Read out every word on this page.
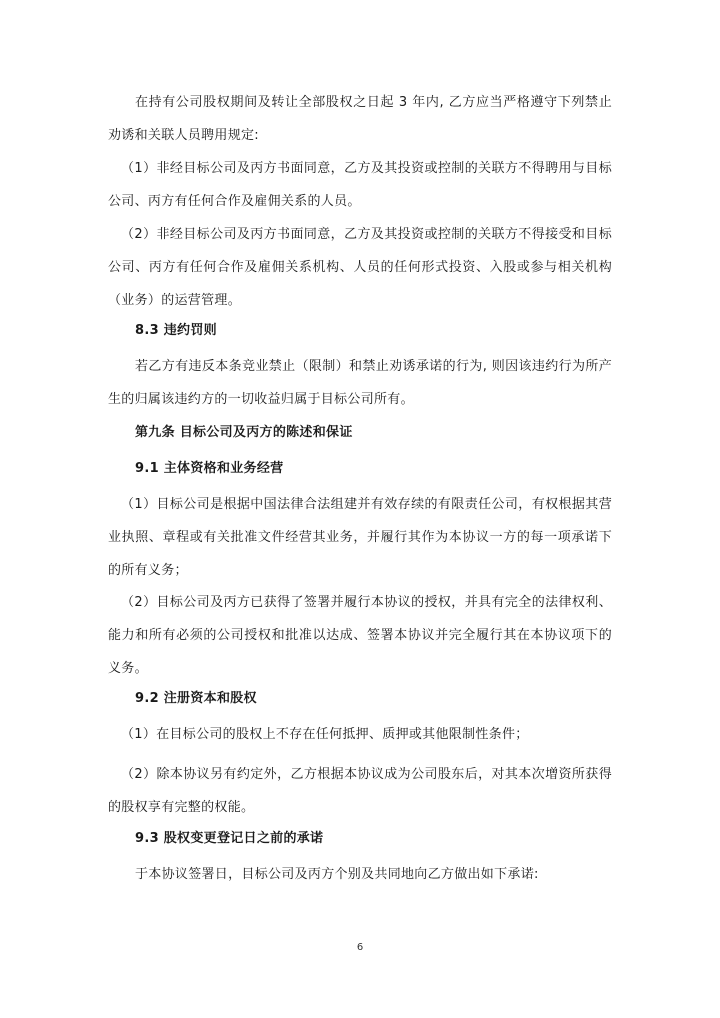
在持有公司股权期间及转让全部股权之日起 3 年内, 乙方应当严格遵守下列禁止劝诱和关联人员聘用规定:

（1）非经目标公司及丙方书面同意，乙方及其投资或控制的关联方不得聘用与目标公司、丙方有任何合作及雇佣关系的人员。

（2）非经目标公司及丙方书面同意，乙方及其投资或控制的关联方不得接受和目标公司、丙方有任何合作及雇佣关系机构、人员的任何形式投资、入股或参与相关机构（业务）的运营管理。

8.3 违约罚则

若乙方有违反本条竞业禁止（限制）和禁止劝诱承诺的行为, 则因该违约行为所产生的归属该违约方的一切收益归属于目标公司所有。

第九条 目标公司及丙方的陈述和保证

9.1 主体资格和业务经营

（1）目标公司是根据中国法律合法组建并有效存续的有限责任公司，有权根据其营业执照、章程或有关批准文件经营其业务，并履行其作为本协议一方的每一项承诺下的所有义务；

（2）目标公司及丙方已获得了签署并履行本协议的授权，并具有完全的法律权利、能力和所有必须的公司授权和批准以达成、签署本协议并完全履行其在本协议项下的义务。

9.2 注册资本和股权

（1）在目标公司的股权上不存在任何抵押、质押或其他限制性条件；

（2）除本协议另有约定外，乙方根据本协议成为公司股东后，对其本次增资所获得的股权享有完整的权能。

9.3 股权变更登记日之前的承诺

于本协议签署日，目标公司及丙方个别及共同地向乙方做出如下承诺:

6
